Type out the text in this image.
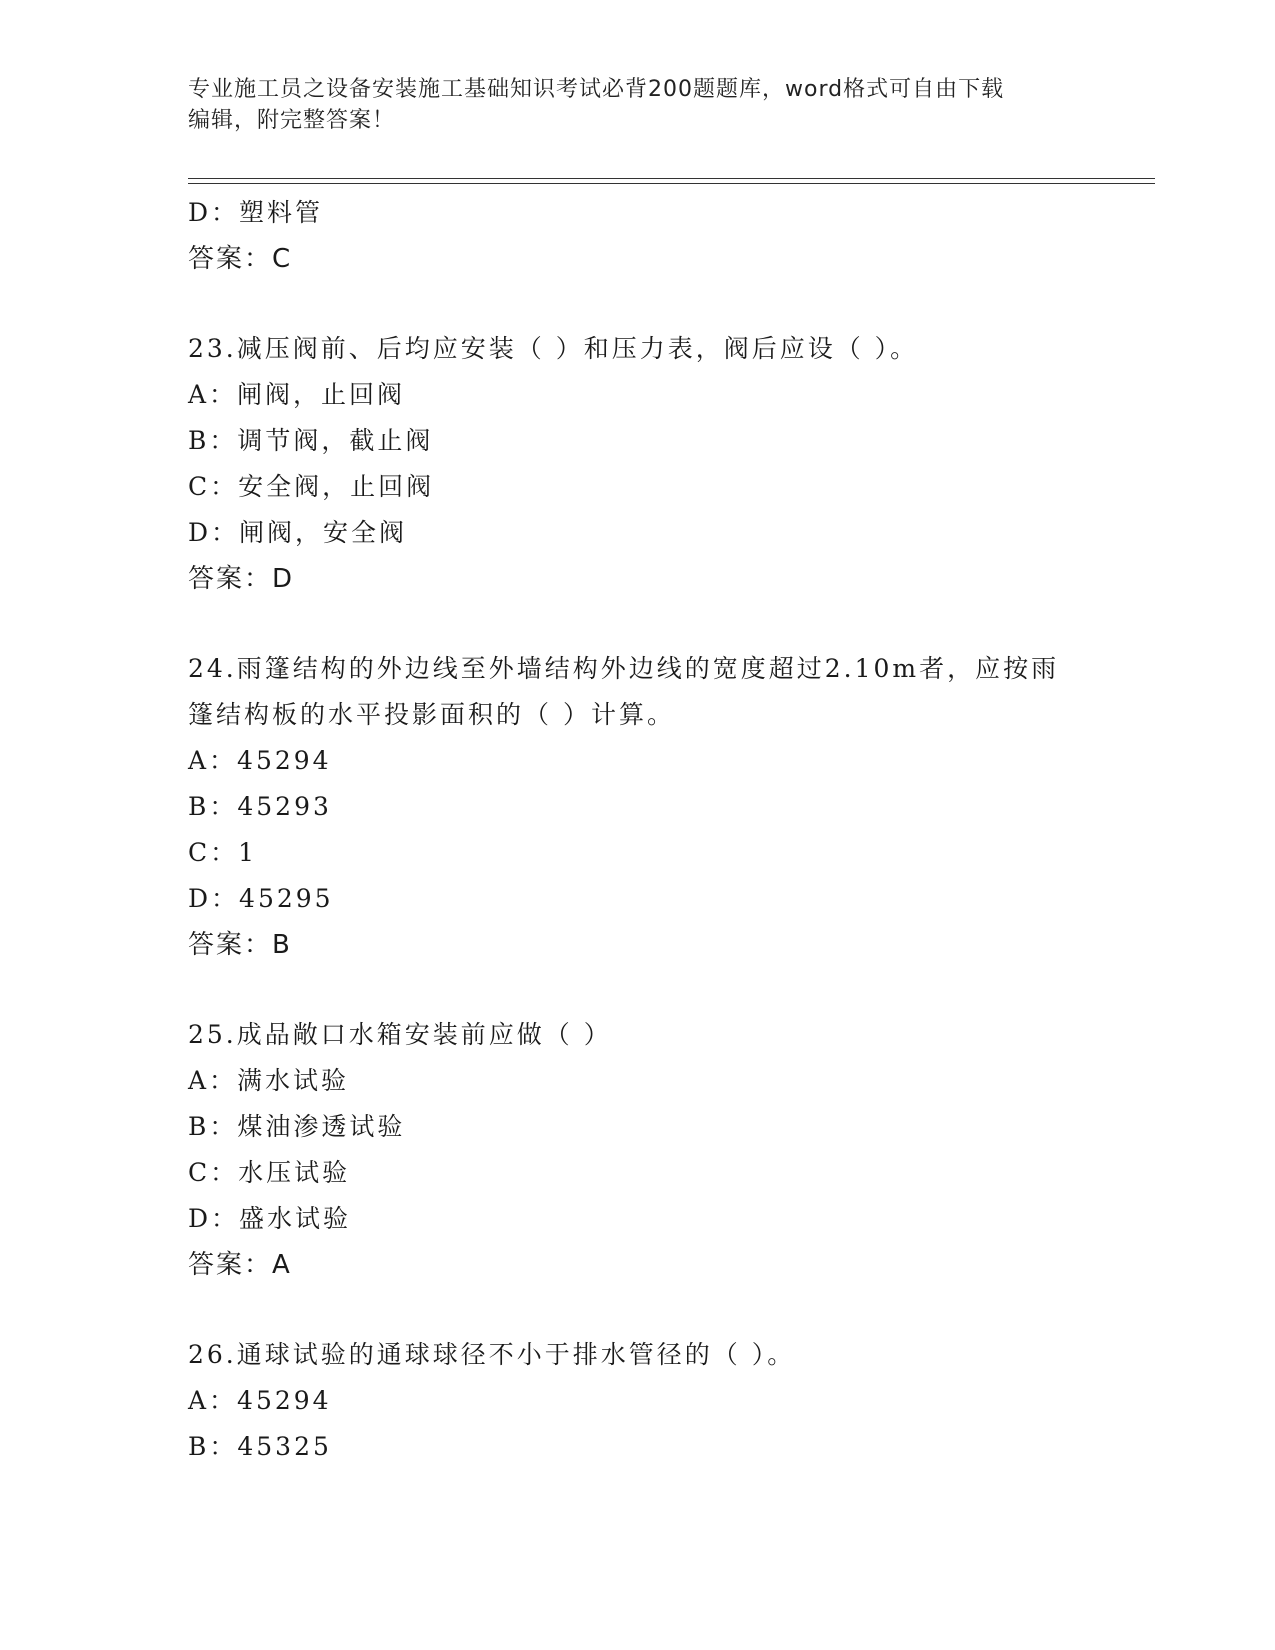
专业施工员之设备安装施工基础知识考试必背200题题库，word格式可自由下载
编辑，附完整答案！
D：塑料管
答案：C
23.减压阀前、后均应安装（ ）和压力表，阀后应设（ ）。
A：闸阀，止回阀
B：调节阀，截止阀
C：安全阀，止回阀
D：闸阀，安全阀
答案：D
24.雨篷结构的外边线至外墙结构外边线的宽度超过2.10m者，应按雨
篷结构板的水平投影面积的（ ）计算。
A：45294
B：45293
C：1
D：45295
答案：B
25.成品敞口水箱安装前应做（ ）
A：满水试验
B：煤油渗透试验
C：水压试验
D：盛水试验
答案：A
26.通球试验的通球球径不小于排水管径的（ ）。
A：45294
B：45325
